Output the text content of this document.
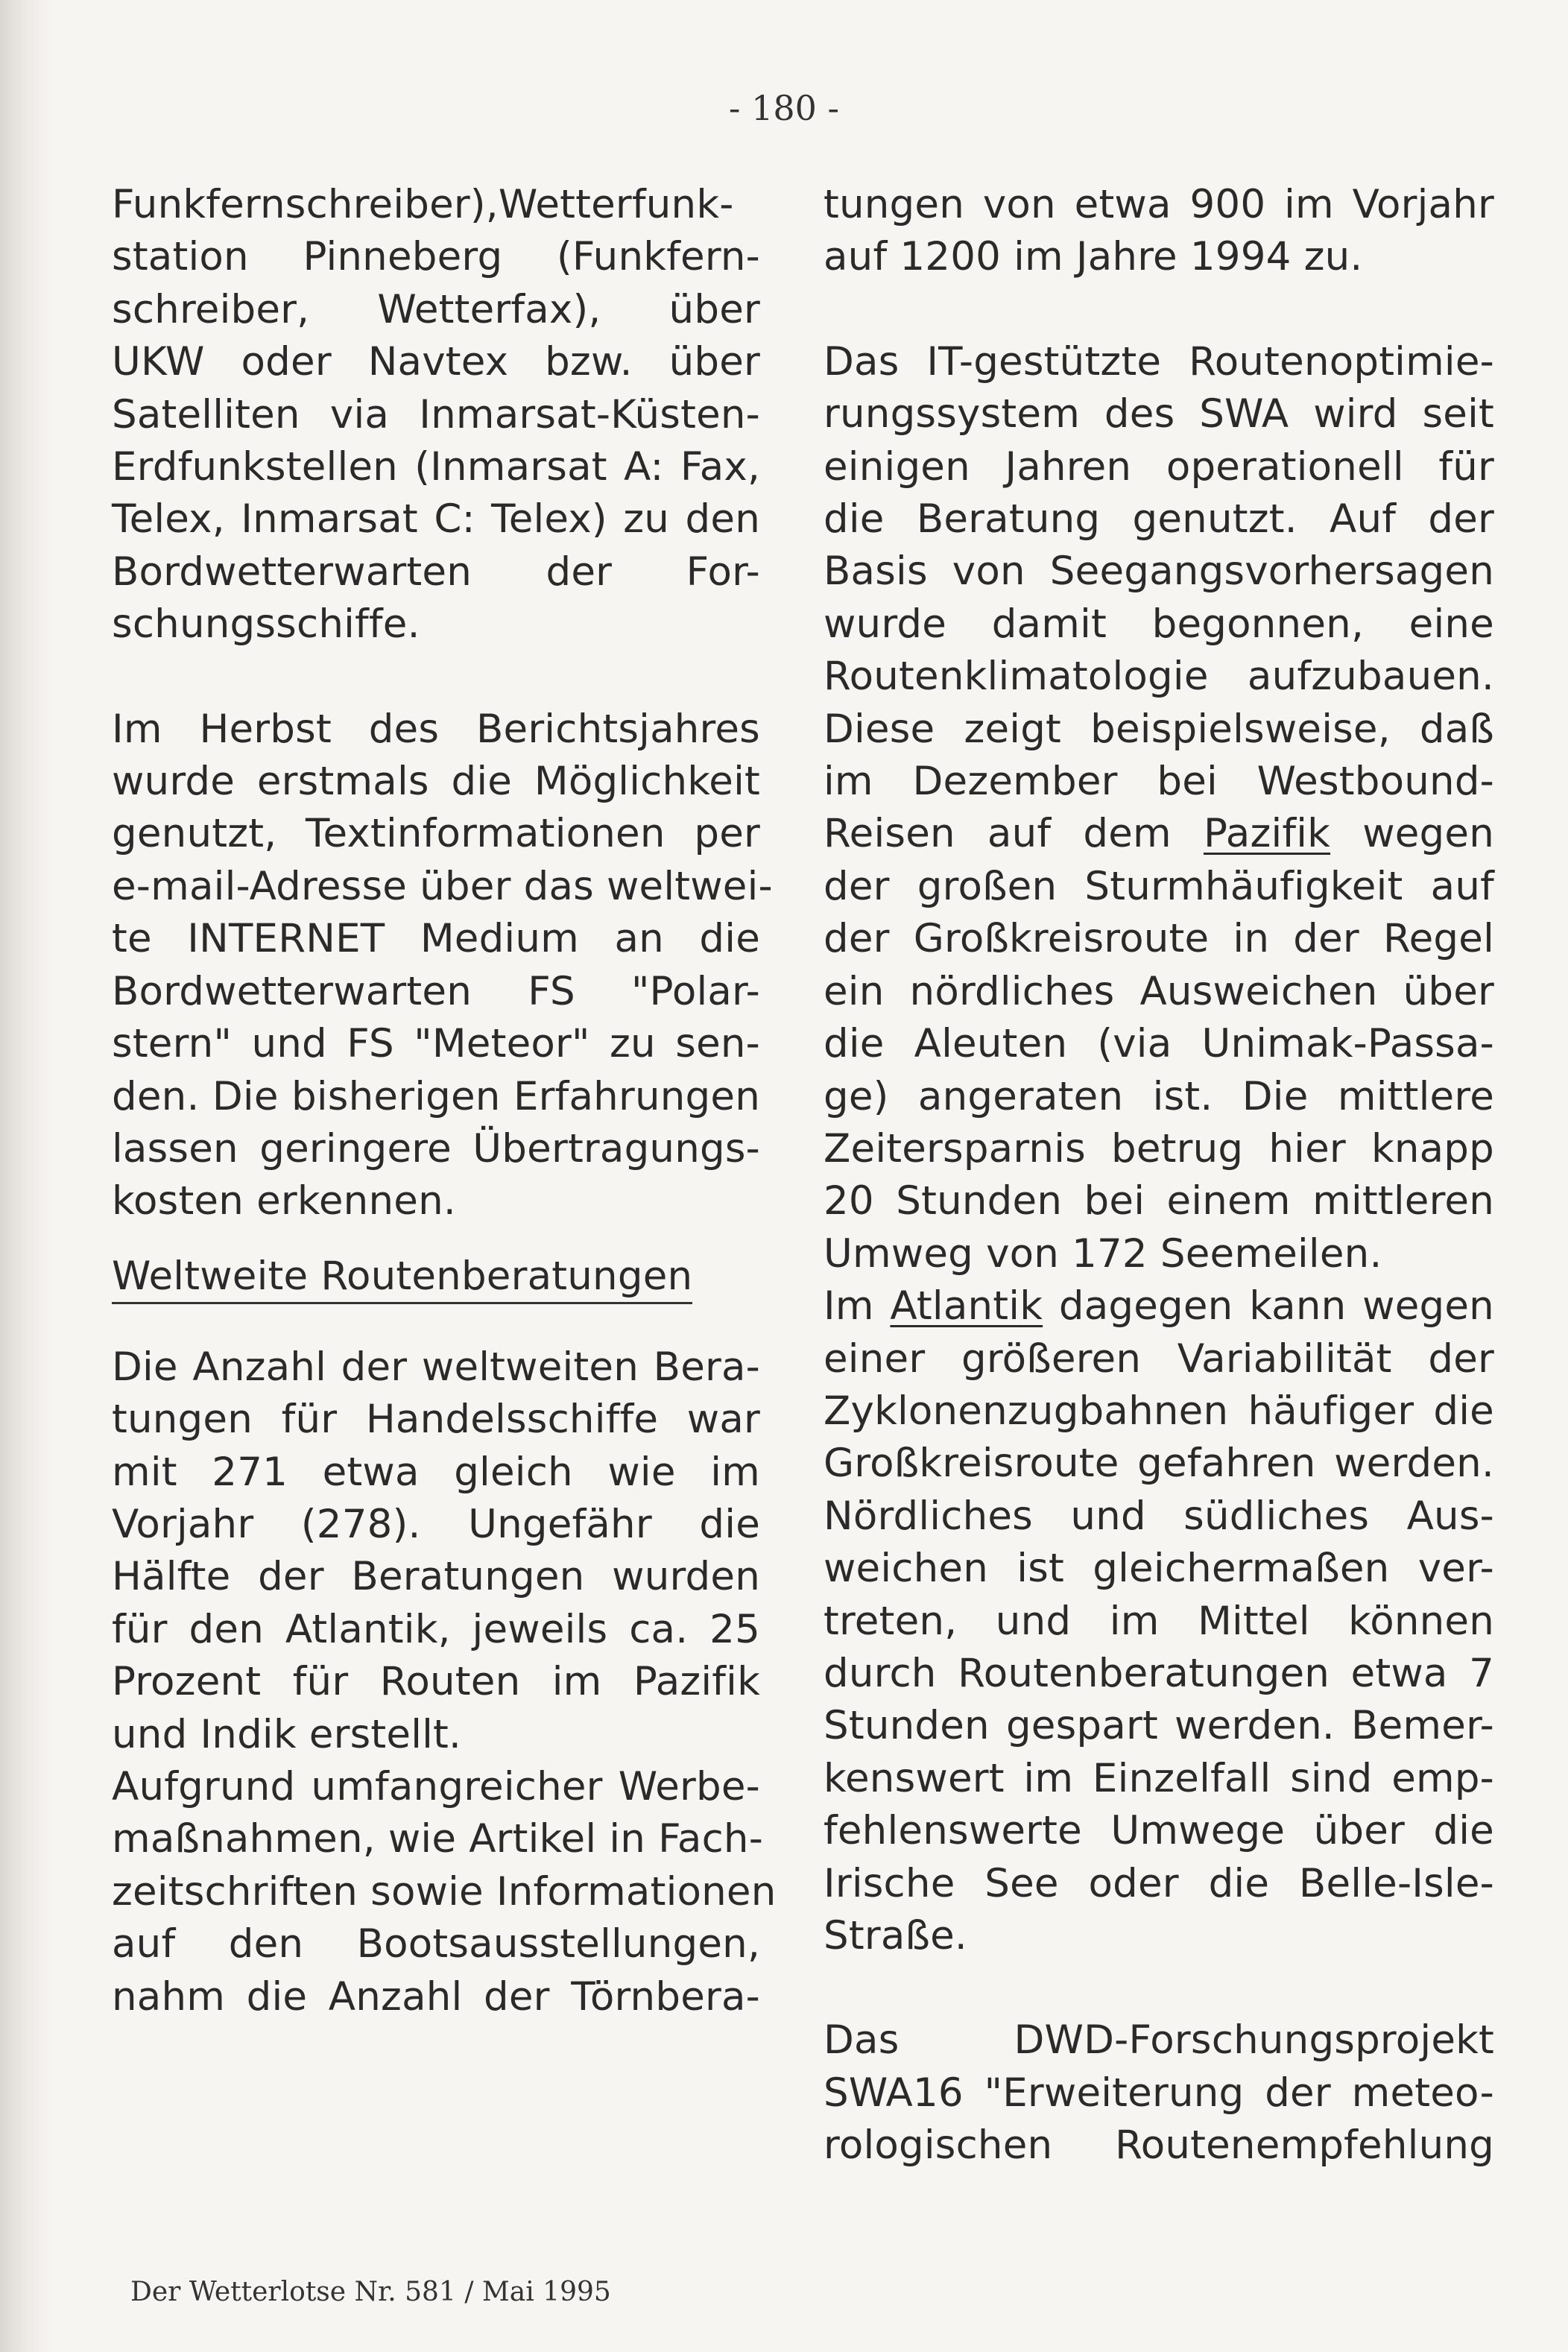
- 180 -
Funkfernschreiber),Wetterfunk-
station Pinneberg (Funkfern-
schreiber, Wetterfax), über
UKW oder Navtex bzw. über
Satelliten via Inmarsat-Küsten-
Erdfunkstellen (Inmarsat A: Fax,
Telex, Inmarsat C: Telex) zu den
Bordwetterwarten der For-
schungsschiffe.
Im Herbst des Berichtsjahres
wurde erstmals die Möglichkeit
genutzt, Textinformationen per
e-mail-Adresse über das weltwei-
te INTERNET Medium an die
Bordwetterwarten FS "Polar-
stern" und FS "Meteor" zu sen-
den. Die bisherigen Erfahrungen
lassen geringere Übertragungs-
kosten erkennen.
Weltweite Routenberatungen
Die Anzahl der weltweiten Bera-
tungen für Handelsschiffe war
mit 271 etwa gleich wie im
Vorjahr (278). Ungefähr die
Hälfte der Beratungen wurden
für den Atlantik, jeweils ca. 25
Prozent für Routen im Pazifik
und Indik erstellt.
Aufgrund umfangreicher Werbe-
maßnahmen, wie Artikel in Fach-
zeitschriften sowie Informationen
auf den Bootsausstellungen,
nahm die Anzahl der Törnbera-
tungen von etwa 900 im Vorjahr
auf 1200 im Jahre 1994 zu.
Das IT-gestützte Routenoptimie-
rungssystem des SWA wird seit
einigen Jahren operationell für
die Beratung genutzt. Auf der
Basis von Seegangsvorhersagen
wurde damit begonnen, eine
Routenklimatologie aufzubauen.
Diese zeigt beispielsweise, daß
im Dezember bei Westbound-
Reisen auf dem Pazifik wegen
der großen Sturmhäufigkeit auf
der Großkreisroute in der Regel
ein nördliches Ausweichen über
die Aleuten (via Unimak-Passa-
ge) angeraten ist. Die mittlere
Zeitersparnis betrug hier knapp
20 Stunden bei einem mittleren
Umweg von 172 Seemeilen.
Im Atlantik dagegen kann wegen
einer größeren Variabilität der
Zyklonenzugbahnen häufiger die
Großkreisroute gefahren werden.
Nördliches und südliches Aus-
weichen ist gleichermaßen ver-
treten, und im Mittel können
durch Routenberatungen etwa 7
Stunden gespart werden. Bemer-
kenswert im Einzelfall sind emp-
fehlenswerte Umwege über die
Irische See oder die Belle-Isle-
Straße.
Das DWD-Forschungsprojekt
SWA16 "Erweiterung der meteo-
rologischen Routenempfehlung
Der Wetterlotse Nr. 581 / Mai 1995
